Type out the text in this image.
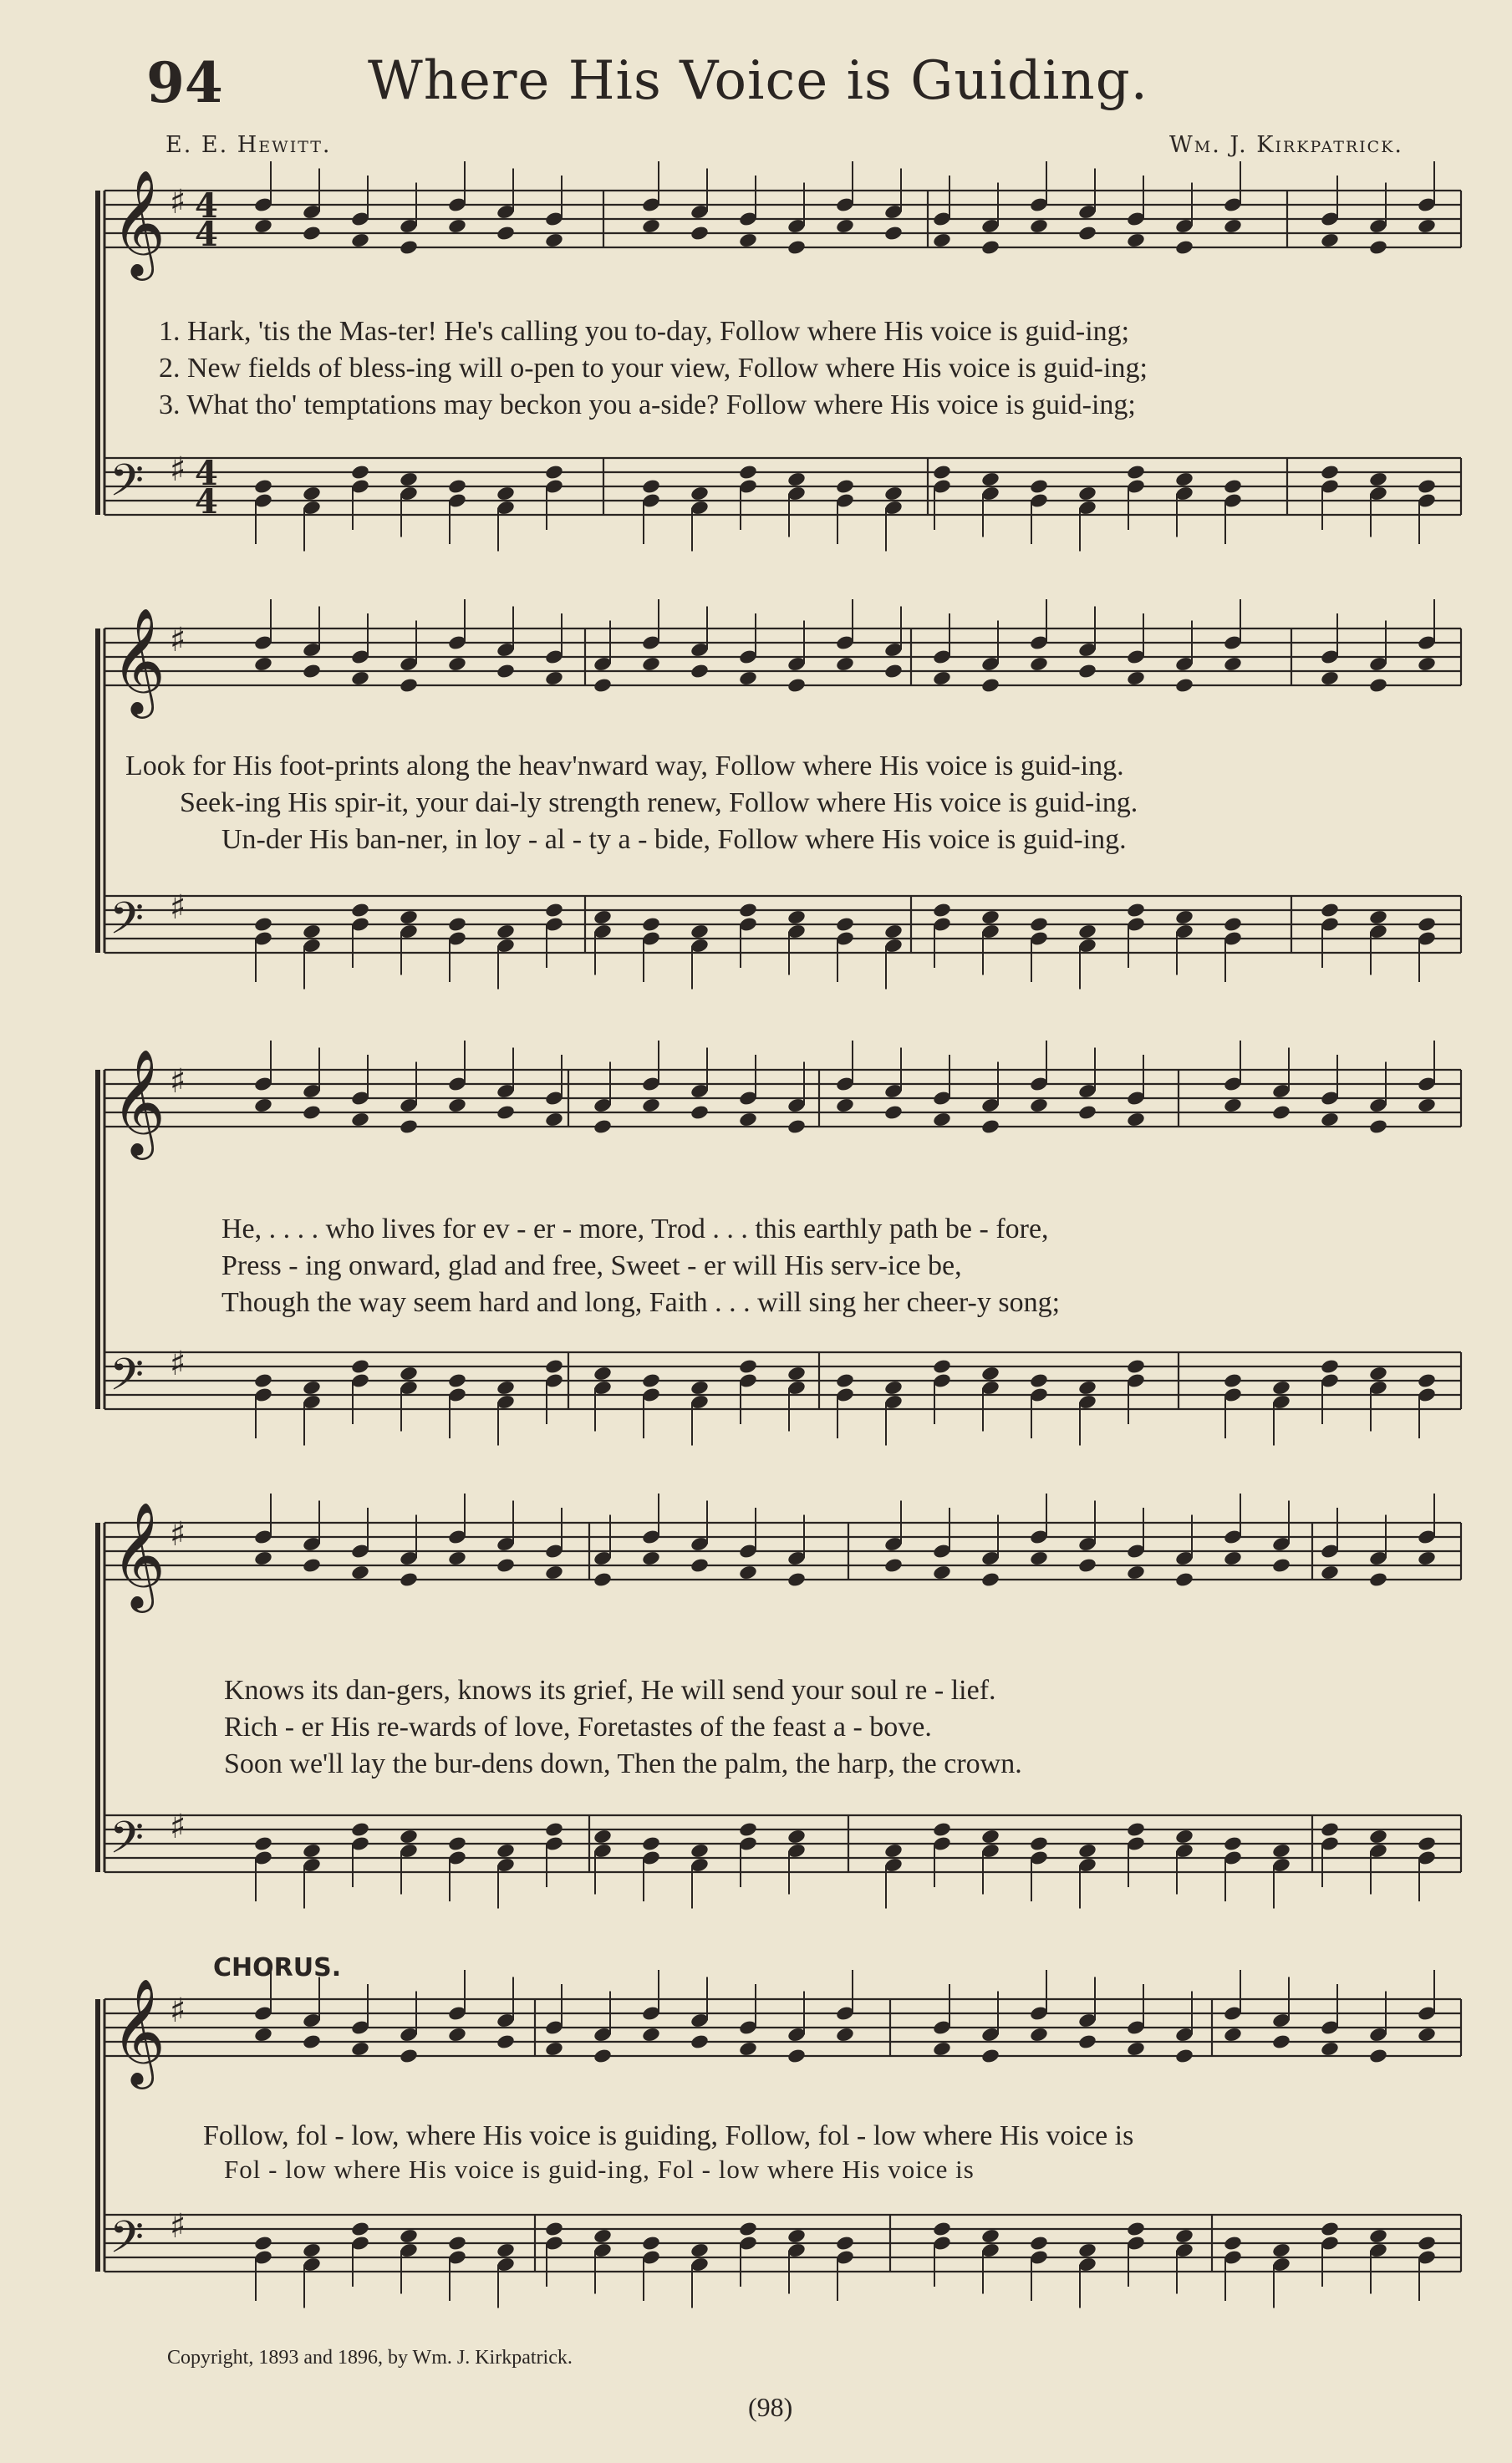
94	Where His Voice is Guiding.
E. E. Hewitt.	Wm. J. Kirkpatrick.
𝄞 ♯
𝄢 ♯
4
4
4
4
𝄞 ♯
𝄢 ♯
𝄞 ♯
𝄢 ♯
𝄞 ♯
𝄢 ♯
𝄞 ♯
𝄢 ♯
1. Hark, 'tis the Mas-ter! He's calling you to-day, Follow where His voice is guid-ing;
2. New fields of bless-ing will o-pen to your view, Follow where His voice is guid-ing;
3. What tho' temptations may beckon you a-side? Follow where His voice is guid-ing;
Look for His foot-prints along the heav'nward way, Follow where His voice is guid-ing.
Seek-ing His spir-it, your dai-ly strength renew, Follow where His voice is guid-ing.
Un-der His ban-ner, in loy - al - ty a - bide, Follow where His voice is guid-ing.
He, . . . . who lives for ev - er - more, Trod . . . this earthly path be - fore,
Press - ing onward, glad and free, Sweet - er will His serv-ice be,
Though the way seem hard and long, Faith . . . will sing her cheer-y song;
Knows its dan-gers, knows its grief, He will send your soul re - lief.
Rich - er His re-wards of love, Foretastes of the feast a - bove.
Soon we'll lay the bur-dens down, Then the palm, the harp, the crown.
CHORUS.
Follow, fol - low, where His voice is guiding, Follow, fol - low where His voice is
Fol - low where His voice is guid-ing, Fol - low where His voice is
Copyright, 1893 and 1896, by Wm. J. Kirkpatrick.
(98)
